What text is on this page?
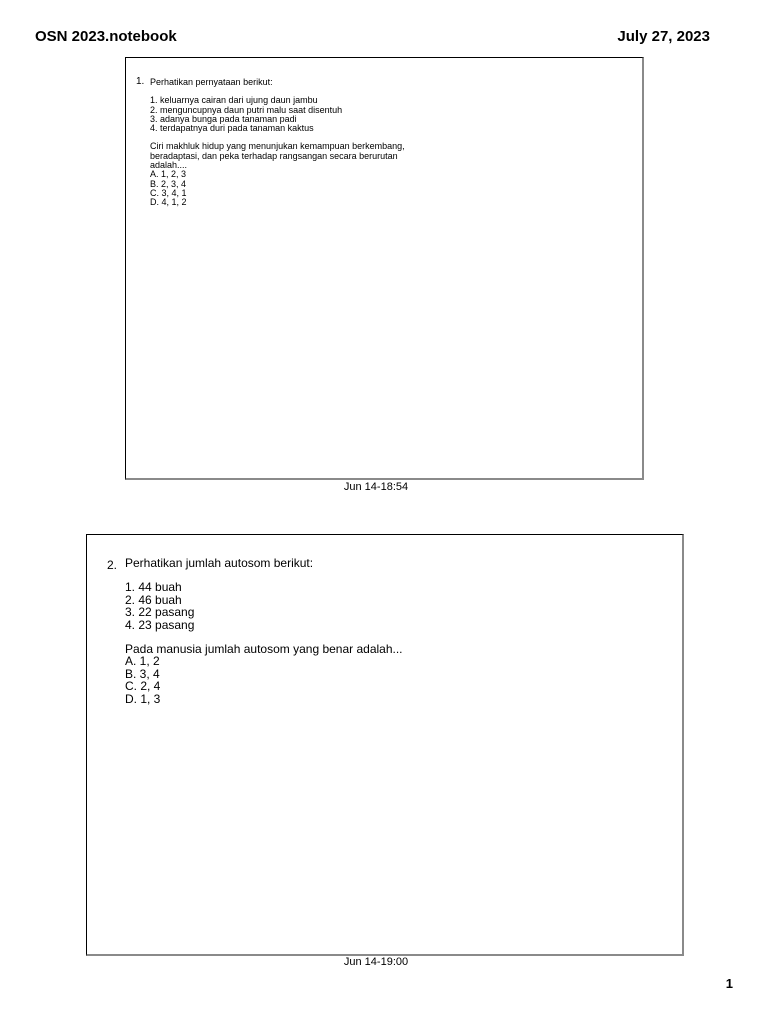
OSN 2023.notebook	July 27, 2023
1. Perhatikan pernyataan berikut:
1. keluarnya cairan dari ujung daun jambu
2. menguncupnya daun putri malu saat disentuh
3. adanya bunga pada tanaman padi
4. terdapatnya duri pada tanaman kaktus
Ciri makhluk hidup yang menunjukan kemampuan berkembang,
beradaptasi, dan peka terhadap rangsangan secara berurutan
adalah....
A. 1, 2, 3
B. 2, 3, 4
C. 3, 4, 1
D. 4, 1, 2
Jun 14-18:54
2. Perhatikan jumlah autosom berikut:
1. 44 buah
2. 46 buah
3. 22 pasang
4. 23 pasang
Pada manusia jumlah autosom yang benar adalah...
A. 1, 2
B. 3, 4
C. 2, 4
D. 1, 3
Jun 14-19:00
1
